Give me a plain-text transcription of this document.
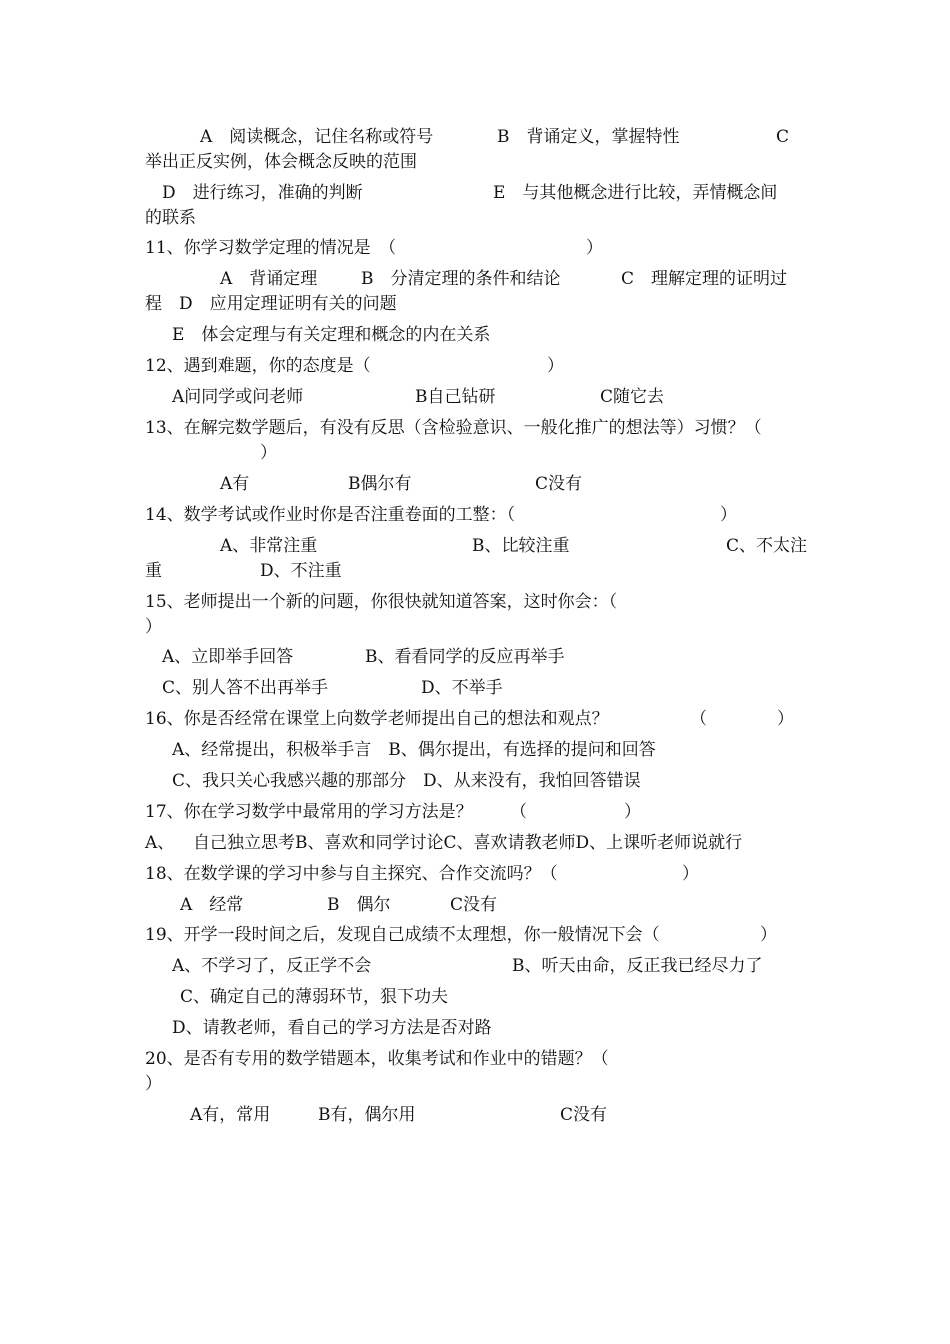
A　阅读概念，记住名称或符号	B　背诵定义，掌握特性	C
举出正反实例，体会概念反映的范围
D　进行练习，准确的判断	E　与其他概念进行比较，弄情概念间
的联系
11、你学习数学定理的情况是　（	）
A　背诵定理	B　分清定理的条件和结论	C　理解定理的证明过
程　D　应用定理证明有关的问题
E　体会定理与有关定理和概念的内在关系
12、遇到难题，你的态度是（	）
A问同学或问老师	B自己钻研	C随它去
13、在解完数学题后，有没有反思（含检验意识、一般化推广的想法等）习惯？（
）
A有	B偶尔有	C没有
14、数学考试或作业时你是否注重卷面的工整：（	）
A、非常注重	B、比较注重	C、不太注
重	D、不注重
15、老师提出一个新的问题，你很快就知道答案，这时你会：（
）
A、立即举手回答	B、看看同学的反应再举手
C、别人答不出再举手	D、不举手
16、你是否经常在课堂上向数学老师提出自己的想法和观点？	（	）
A、经常提出，积极举手言　B、偶尔提出，有选择的提问和回答
C、我只关心我感兴趣的那部分　D、从来没有，我怕回答错误
17、你在学习数学中最常用的学习方法是？ （	）
A、 自己独立思考B、喜欢和同学讨论C、喜欢请教老师D、上课听老师说就行
18、在数学课的学习中参与自主探究、合作交流吗？（	）
A　经常	B　偶尔	C没有
19、开学一段时间之后，发现自己成绩不太理想，你一般情况下会（	）
A、不学习了，反正学不会	B、听天由命，反正我已经尽力了
C、确定自己的薄弱环节，狠下功夫
D、请教老师，看自己的学习方法是否对路
20、是否有专用的数学错题本，收集考试和作业中的错题？（
）
A有，常用	B有，偶尔用	C没有
